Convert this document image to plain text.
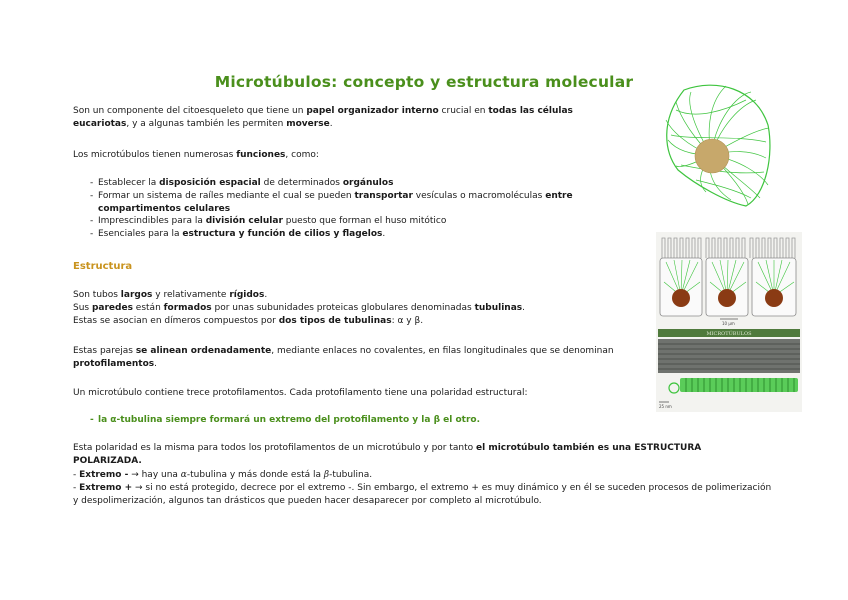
Microtúbulos: concepto y estructura molecular
Son un componente del citoesqueleto que tiene un papel organizador interno crucial en todas las células eucariotas, y a algunas también les permiten moverse.
Los microtúbulos tienen numerosas funciones, como:
- Establecer la disposición espacial de determinados orgánulos
- Formar un sistema de raíles mediante el cual se pueden transportar vesículas o macromoléculas entre compartimentos celulares
- Imprescindibles para la división celular puesto que forman el huso mitótico
- Esenciales para la estructura y función de cilios y flagelos.
Estructura
Son tubos largos y relativamente rígidos.
Sus paredes están formados por unas subunidades proteicas globulares denominadas tubulinas.
Estas se asocian en dímeros compuestos por dos tipos de tubulinas: α y β.
Estas parejas se alinean ordenadamente, mediante enlaces no covalentes, en filas longitudinales que se denominan protofilamentos.
Un microtúbulo contiene trece protofilamentos. Cada protofilamento tiene una polaridad estructural:
- la α-tubulina siempre formará un extremo del protofilamento y la β el otro.
Esta polaridad es la misma para todos los protofilamentos de un microtúbulo y por tanto el microtúbulo también es una ESTRUCTURA POLARIZADA.
- Extremo - → hay una α-tubulina y más donde está la β-tubulina.
- Extremo + → si no está protegido, decrece por el extremo -. Sin embargo, el extremo + es muy dinámico y en él se suceden procesos de polimerización y despolimerización, algunos tan drásticos que pueden hacer desaparecer por completo al microtúbulo.
10 μm
MICROTÚBULOS
25 nm
